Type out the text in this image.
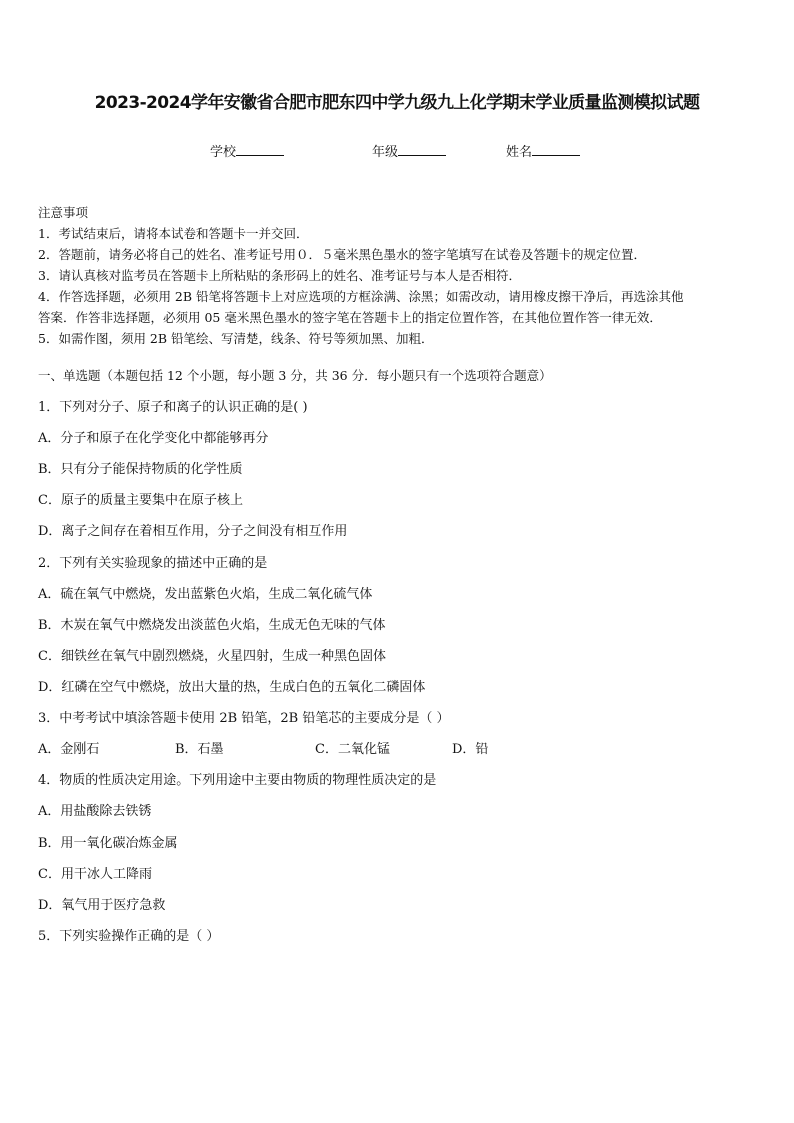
2023-2024学年安徽省合肥市肥东四中学九级九上化学期末学业质量监测模拟试题
学校	年级	姓名
注意事项
1．考试结束后，请将本试卷和答题卡一并交回．
2．答题前，请务必将自己的姓名、准考证号用０．５毫米黑色墨水的签字笔填写在试卷及答题卡的规定位置．
3．请认真核对监考员在答题卡上所粘贴的条形码上的姓名、准考证号与本人是否相符．
4．作答选择题，必须用 2B 铅笔将答题卡上对应选项的方框涂满、涂黑；如需改动，请用橡皮擦干净后，再选涂其他
答案．作答非选择题，必须用 05 毫米黑色墨水的签字笔在答题卡上的指定位置作答，在其他位置作答一律无效．
5．如需作图，须用 2B 铅笔绘、写清楚，线条、符号等须加黑、加粗．
一、单选题（本题包括 12 个小题，每小题 3 分，共 36 分．每小题只有一个选项符合题意）
1．下列对分子、原子和离子的认识正确的是( )
A．分子和原子在化学变化中都能够再分
B．只有分子能保持物质的化学性质
C．原子的质量主要集中在原子核上
D．离子之间存在着相互作用，分子之间没有相互作用
2．下列有关实验现象的描述中正确的是
A．硫在氧气中燃烧，发出蓝紫色火焰，生成二氧化硫气体
B．木炭在氧气中燃烧发出淡蓝色火焰，生成无色无味的气体
C．细铁丝在氧气中剧烈燃烧，火星四射，生成一种黑色固体
D．红磷在空气中燃烧，放出大量的热，生成白色的五氧化二磷固体
3．中考考试中填涂答题卡使用 2B 铅笔，2B 铅笔芯的主要成分是（ ）
A．金刚石	B．石墨	C．二氧化锰	D．铅
4．物质的性质决定用途。下列用途中主要由物质的物理性质决定的是
A．用盐酸除去铁锈
B．用一氧化碳冶炼金属
C．用干冰人工降雨
D．氧气用于医疗急救
5．下列实验操作正确的是（ ）
